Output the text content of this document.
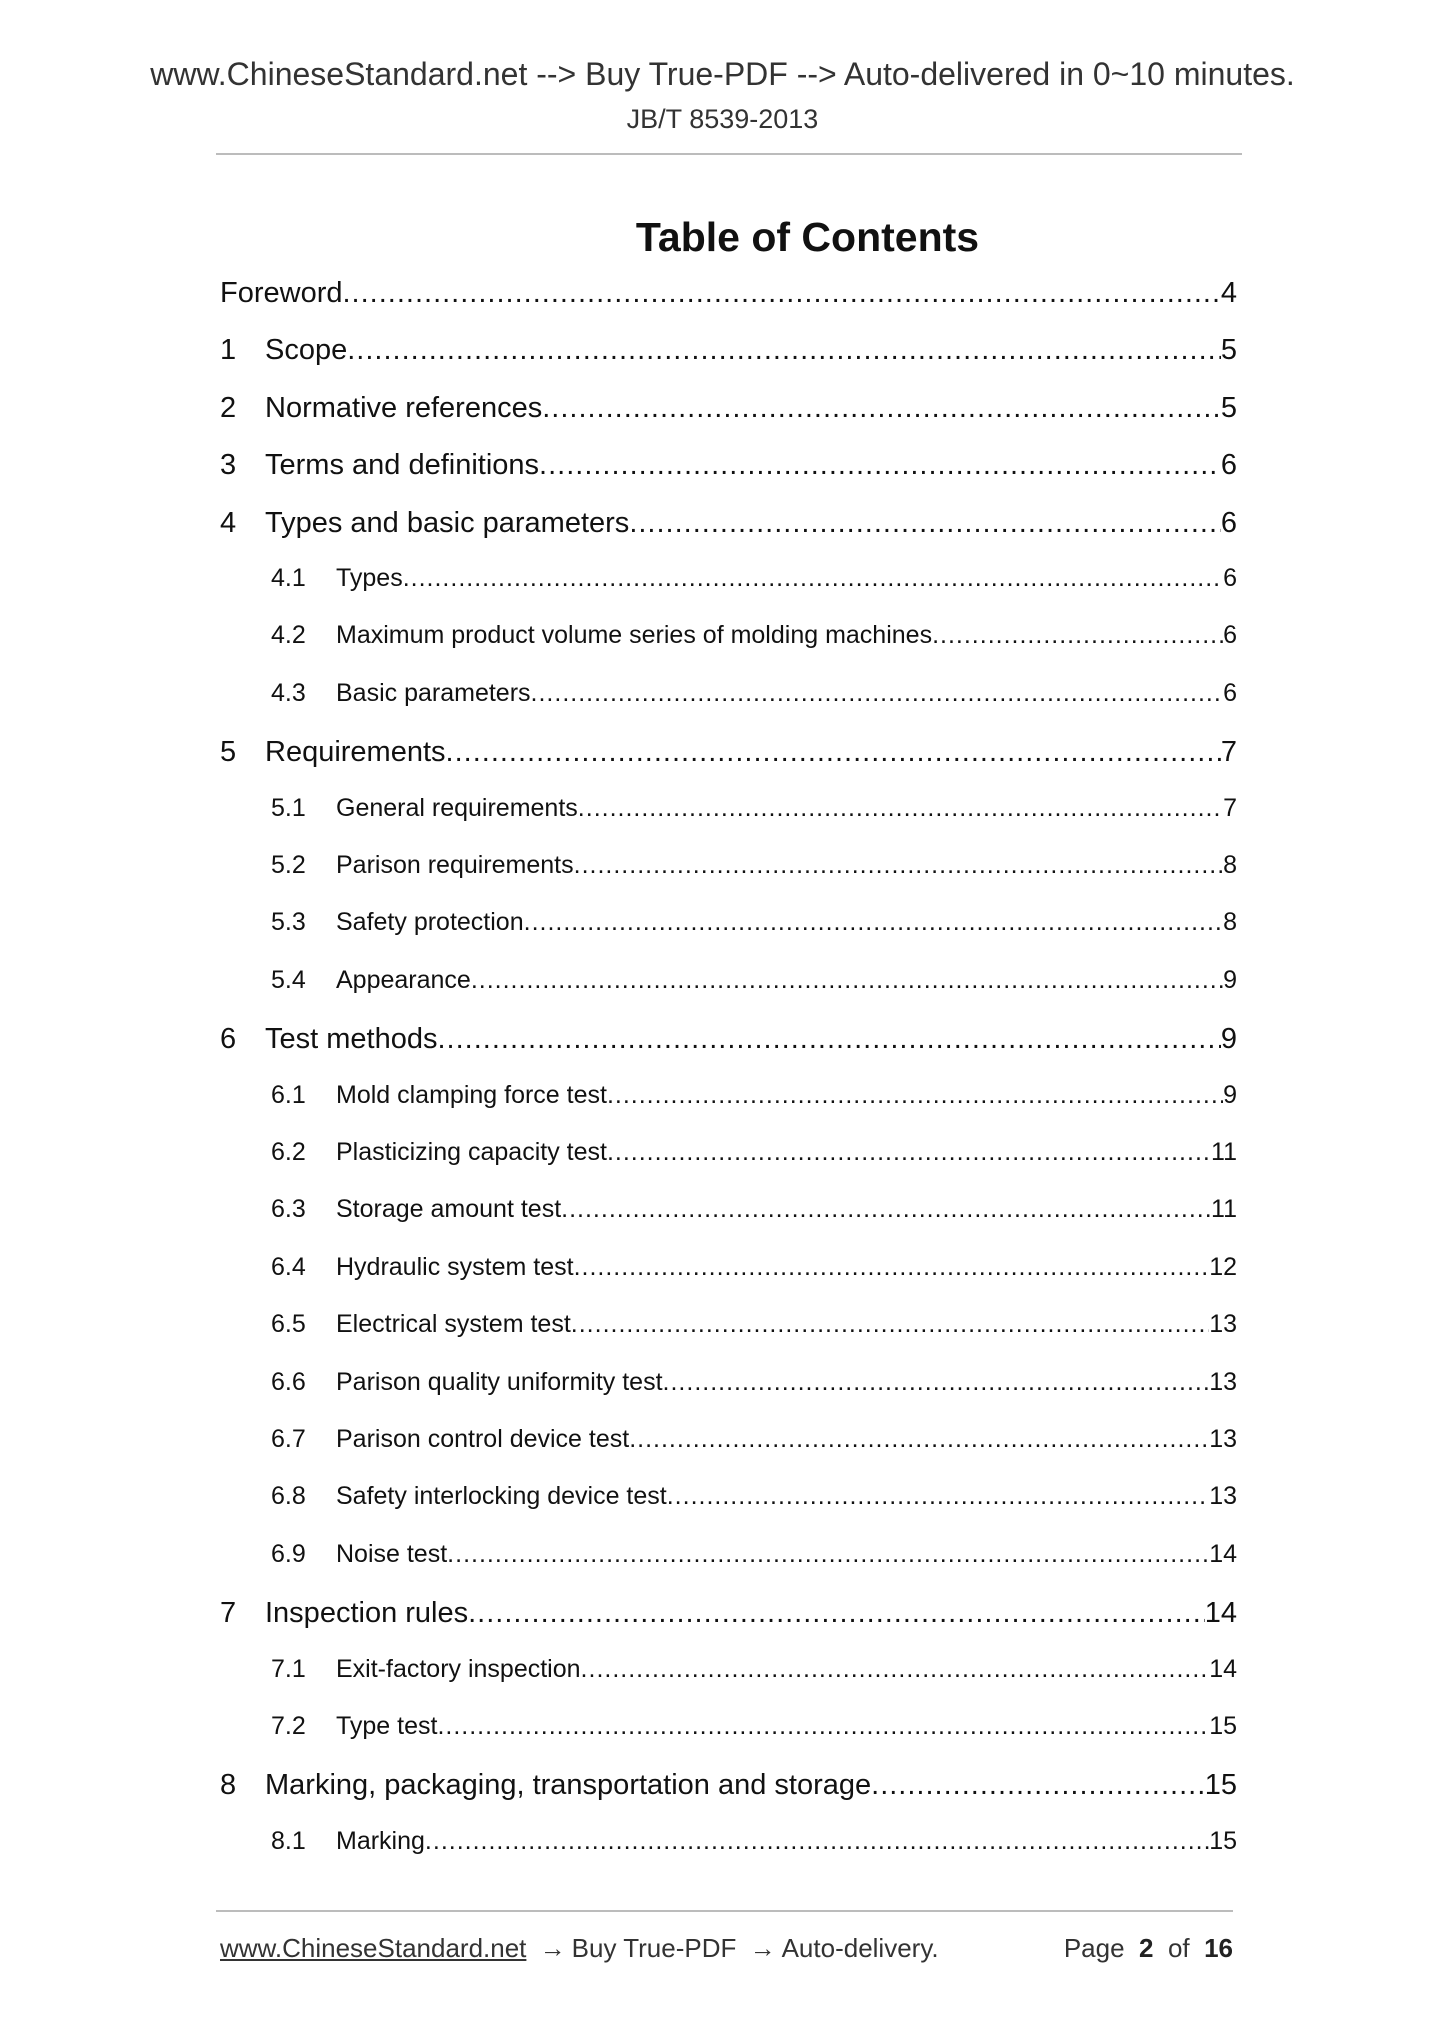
www.ChineseStandard.net --> Buy True-PDF --> Auto-delivered in 0~10 minutes.
JB/T 8539-2013
Table of Contents
Foreword .....	4
1 Scope .....	5
2 Normative references .....	5
3 Terms and definitions .....	6
4 Types and basic parameters .....	6
4.1	Types .....	6
4.2	Maximum product volume series of molding machines .....	6
4.3	Basic parameters .....	6
5 Requirements .....	7
5.1	General requirements .....	7
5.2	Parison requirements .....	8
5.3	Safety protection .....	8
5.4	Appearance .....	9
6 Test methods .....	9
6.1	Mold clamping force test .....	9
6.2	Plasticizing capacity test .....	11
6.3	Storage amount test .....	11
6.4	Hydraulic system test .....	12
6.5	Electrical system test .....	13
6.6	Parison quality uniformity test .....	13
6.7	Parison control device test .....	13
6.8	Safety interlocking device test .....	13
6.9	Noise test .....	14
7 Inspection rules .....	14
7.1	Exit-factory inspection .....	14
7.2	Type test .....	15
8 Marking, packaging, transportation and storage .....	15
8.1	Marking .....	15
www.ChineseStandard.net → Buy True-PDF → Auto-delivery.	Page 2 of 16
